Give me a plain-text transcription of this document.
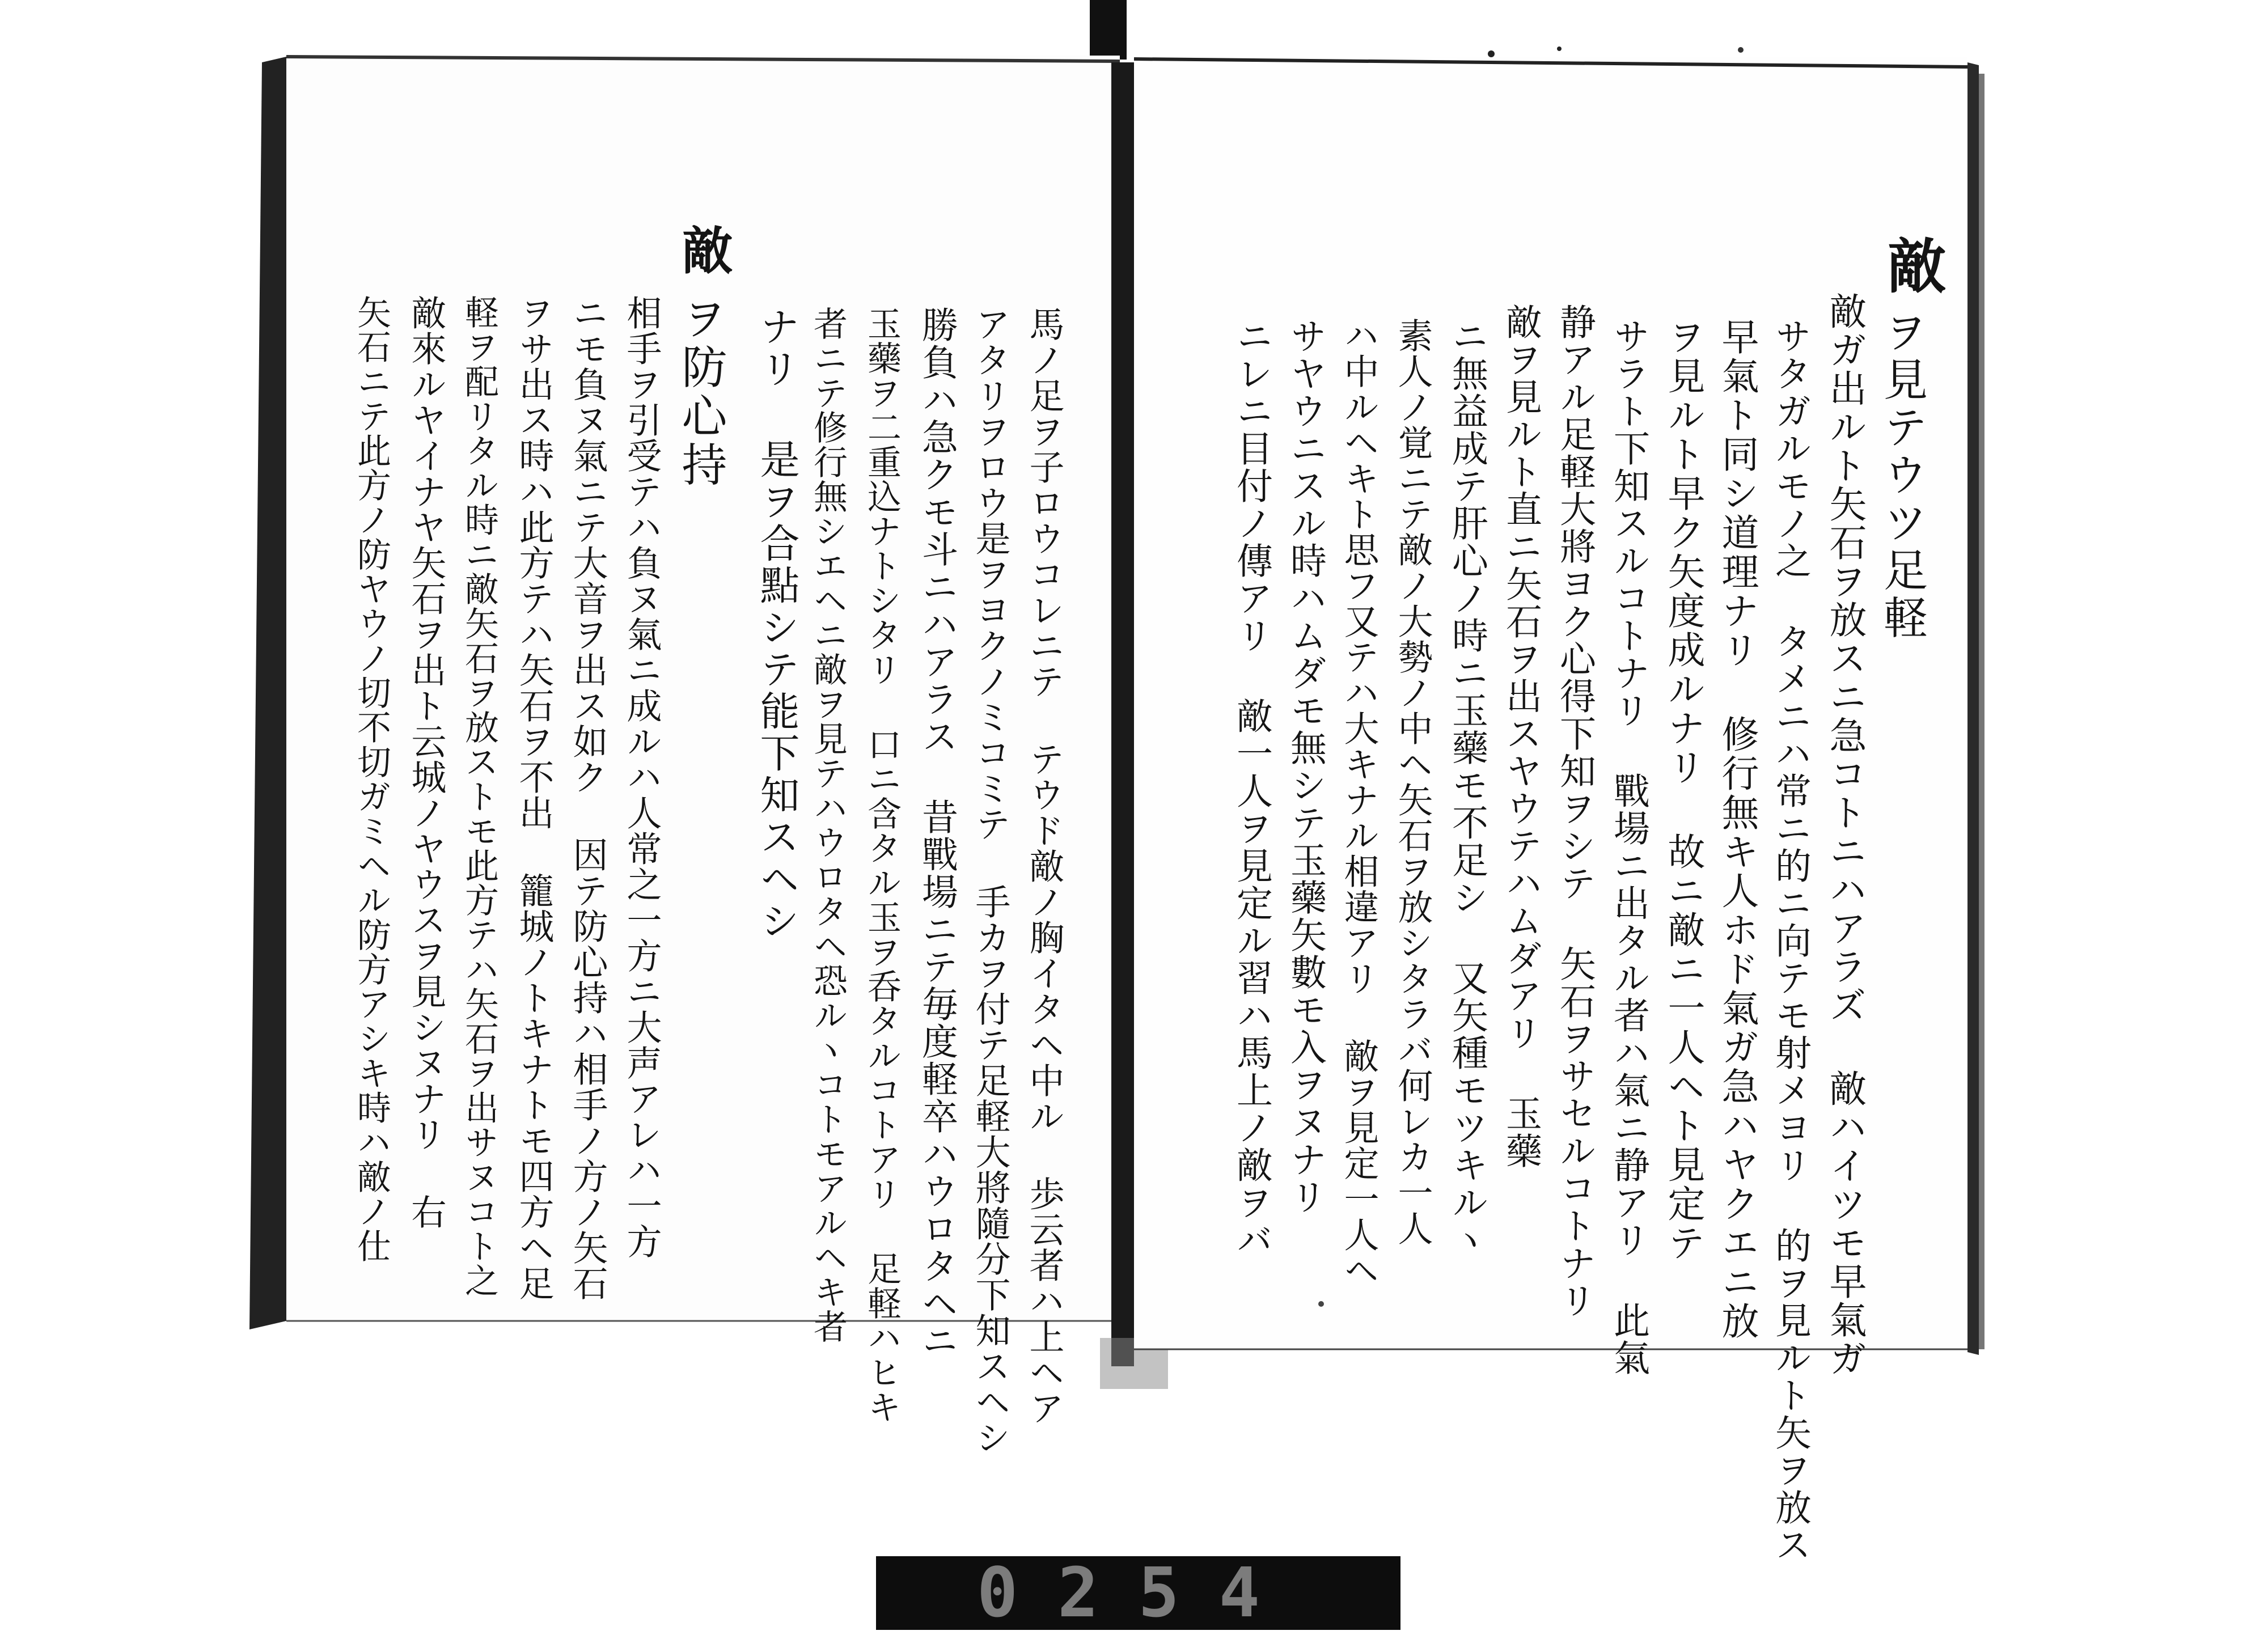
敵
ヲ見テウツ足軽
敵ガ出ルト矢石ヲ放スニ急コトニハアラズ 敵ハイツモ早氣ガ
サタガルモノ之 タメニハ常ニ的ニ向テモ射メヨリ 的ヲ見ルト矢ヲ放ス
早氣ト同シ道理ナリ 修行無キ人ホド氣ガ急ハヤクエニ放
ヲ見ルト早ク矢度成ルナリ 故ニ敵ニ一人ヘト見定テ
サラト下知スルコトナリ 戰場ニ出タル者ハ氣ニ静アリ 此氣
静アル足軽大將ヨク心得下知ヲシテ 矢石ヲサセルコトナリ
敵ヲ見ルト直ニ矢石ヲ出スヤウテハムダアリ 玉藥
ニ無益成テ肝心ノ時ニ玉藥モ不足シ 又矢種モツキルヽ
素人ノ覚ニテ敵ノ大勢ノ中ヘ矢石ヲ放シタラバ何レカ一人
ハ中ルヘキト思フ又テハ大キナル相違アリ 敵ヲ見定一人ヘ
サヤウニスル時ハムダモ無シテ玉藥矢數モ入ヲヌナリ
ニレニ目付ノ傳アリ 敵一人ヲ見定ル習ハ馬上ノ敵ヲバ
馬ノ足ヲ子ロウコレニテ テウド敵ノ胸イタヘ中ル 歩云者ハ上ヘア
アタリヲロウ是ヲヨクノミコミテ 手カヲ付テ足軽大將隨分下知スヘシ
勝負ハ急クモ斗ニハアラス 昔戰場ニテ毎度軽卒ハウロタヘニ
玉藥ヲ二重込ナトシタリ 口ニ含タル玉ヲ呑タルコトアリ 足軽ハヒキ
者ニテ修行無シエヘニ敵ヲ見テハウロタヘ恐ルヽコトモアルヘキ者
ナリ 是ヲ合點シテ能下知スヘシ
敵
ヲ防心持
相手ヲ引受テハ負ヌ氣ニ成ルハ人常之一方ニ大声アレハ一方
ニモ負ヌ氣ニテ大音ヲ出ス如ク 因テ防心持ハ相手ノ方ノ矢石
ヲサ出ス時ハ此方テハ矢石ヲ不出 籠城ノトキナトモ四方ヘ足
軽ヲ配リタル時ニ敵矢石ヲ放ストモ此方テハ矢石ヲ出サヌコト之
敵來ルヤイナヤ矢石ヲ出ト云城ノヤウスヲ見シヌナリ 右
矢石ニテ此方ノ防ヤウノ切不切ガミヘル防方アシキ時ハ敵ノ仕
0254
